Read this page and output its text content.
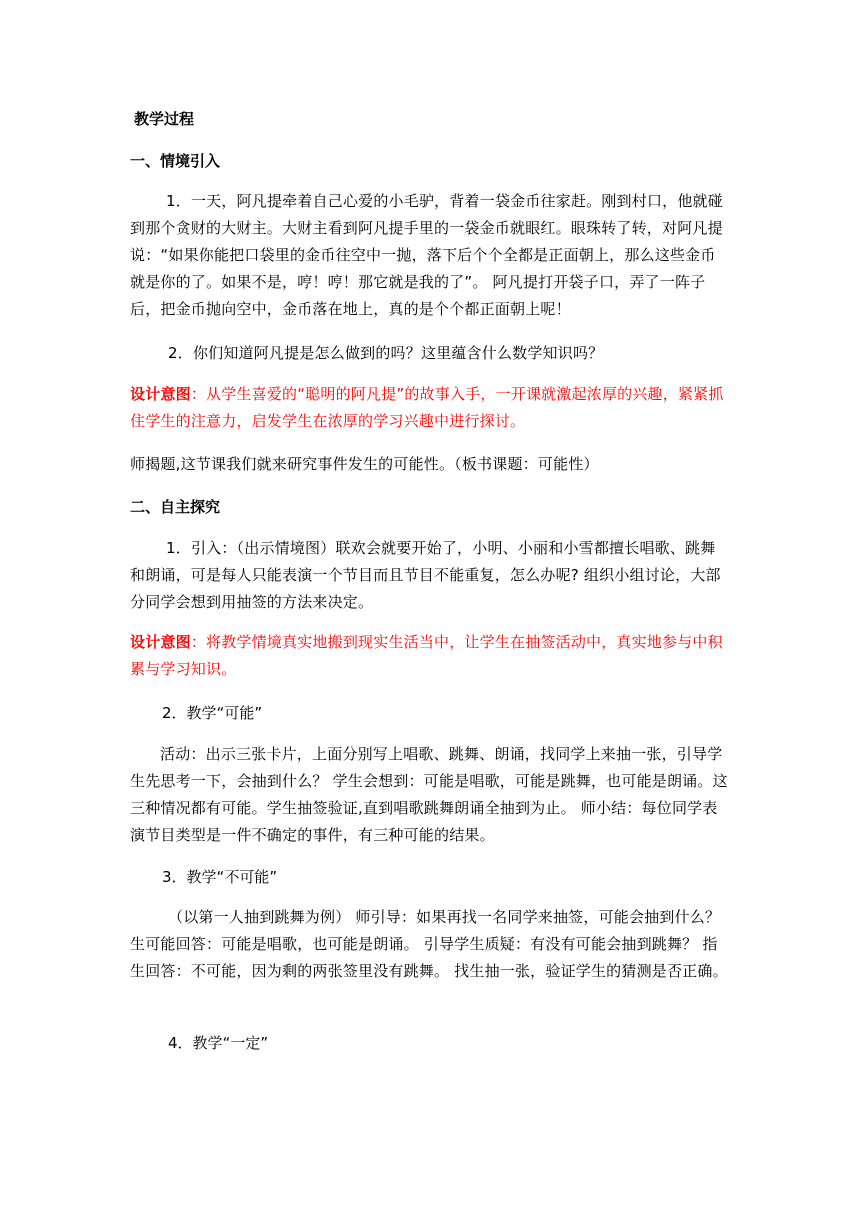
教学过程
一、情境引入
1．一天，阿凡提牵着自己心爱的小毛驴，背着一袋金币往家赶。刚到村口，他就碰到那个贪财的大财主。大财主看到阿凡提手里的一袋金币就眼红。眼珠转了转，对阿凡提说：“如果你能把口袋里的金币往空中一抛，落下后个个全都是正面朝上，那么这些金币就是你的了。如果不是，哼！哼！那它就是我的了”。 阿凡提打开袋子口，弄了一阵子后，把金币抛向空中，金币落在地上，真的是个个都正面朝上呢！
2．你们知道阿凡提是怎么做到的吗？这里蕴含什么数学知识吗？
设计意图：从学生喜爱的“聪明的阿凡提”的故事入手，一开课就激起浓厚的兴趣，紧紧抓住学生的注意力，启发学生在浓厚的学习兴趣中进行探讨。
师揭题,这节课我们就来研究事件发生的可能性。（板书课题：可能性）
二、自主探究
1．引入：（出示情境图）联欢会就要开始了，小明、小丽和小雪都擅长唱歌、跳舞和朗诵，可是每人只能表演一个节目而且节目不能重复，怎么办呢? 组织小组讨论，大部分同学会想到用抽签的方法来决定。
设计意图：将教学情境真实地搬到现实生活当中，让学生在抽签活动中，真实地参与中积累与学习知识。
2．教学“可能”
活动：出示三张卡片，上面分别写上唱歌、跳舞、朗诵，找同学上来抽一张，引导学生先思考一下，会抽到什么？ 学生会想到：可能是唱歌，可能是跳舞，也可能是朗诵。这三种情况都有可能。学生抽签验证,直到唱歌跳舞朗诵全抽到为止。 师小结：每位同学表演节目类型是一件不确定的事件，有三种可能的结果。
3．教学“不可能”
（以第一人抽到跳舞为例） 师引导：如果再找一名同学来抽签，可能会抽到什么？ 生可能回答：可能是唱歌，也可能是朗诵。 引导学生质疑：有没有可能会抽到跳舞？ 指生回答：不可能，因为剩的两张签里没有跳舞。 找生抽一张，验证学生的猜测是否正确。
4．教学“一定”
